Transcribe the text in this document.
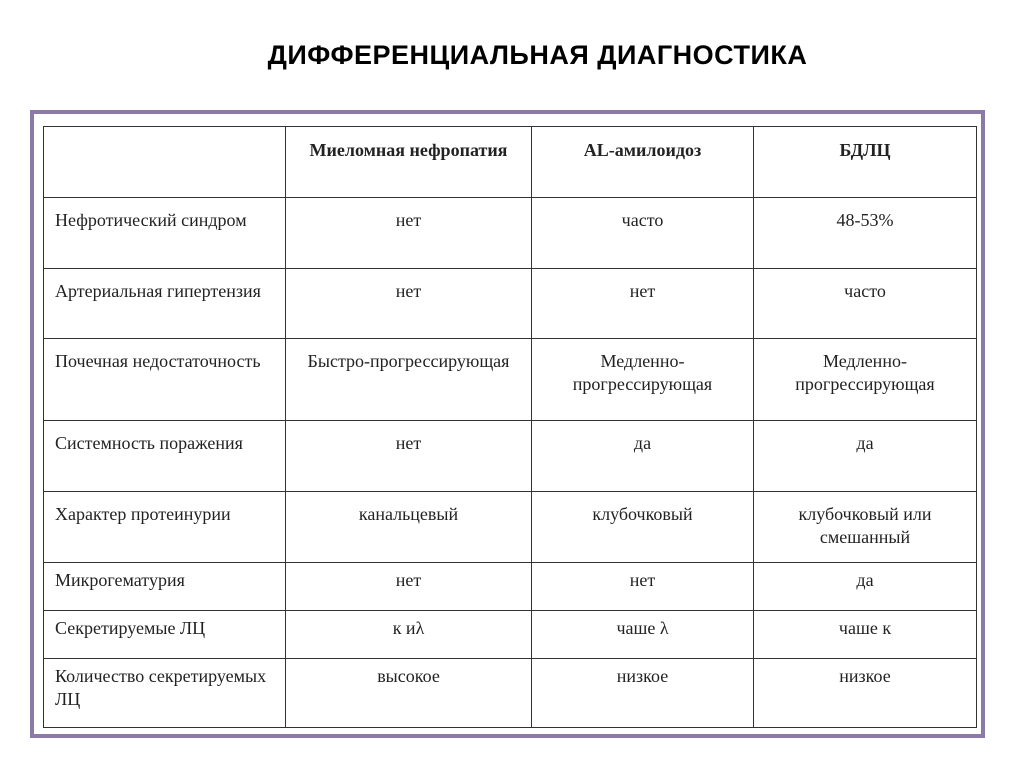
ДИФФЕРЕНЦИАЛЬНАЯ ДИАГНОСТИКА
	Миеломная нефропатия	AL-амилоидоз	БДЛЦ
Нефротический синдром	нет	часто	48-53%
Артериальная гипертензия	нет	нет	часто
Почечная недостаточность	Быстро-прогрессирующая	Медленно-прогрессирующая	Медленно-прогрессирующая
Системность поражения	нет	да	да
Характер протеинурии	канальцевый	клубочковый	клубочковый или смешанный
Микрогематурия	нет	нет	да
Секретируемые ЛЦ	к иλ	чаше λ	чаше к
Количество секретируемых ЛЦ	высокое	низкое	низкое
